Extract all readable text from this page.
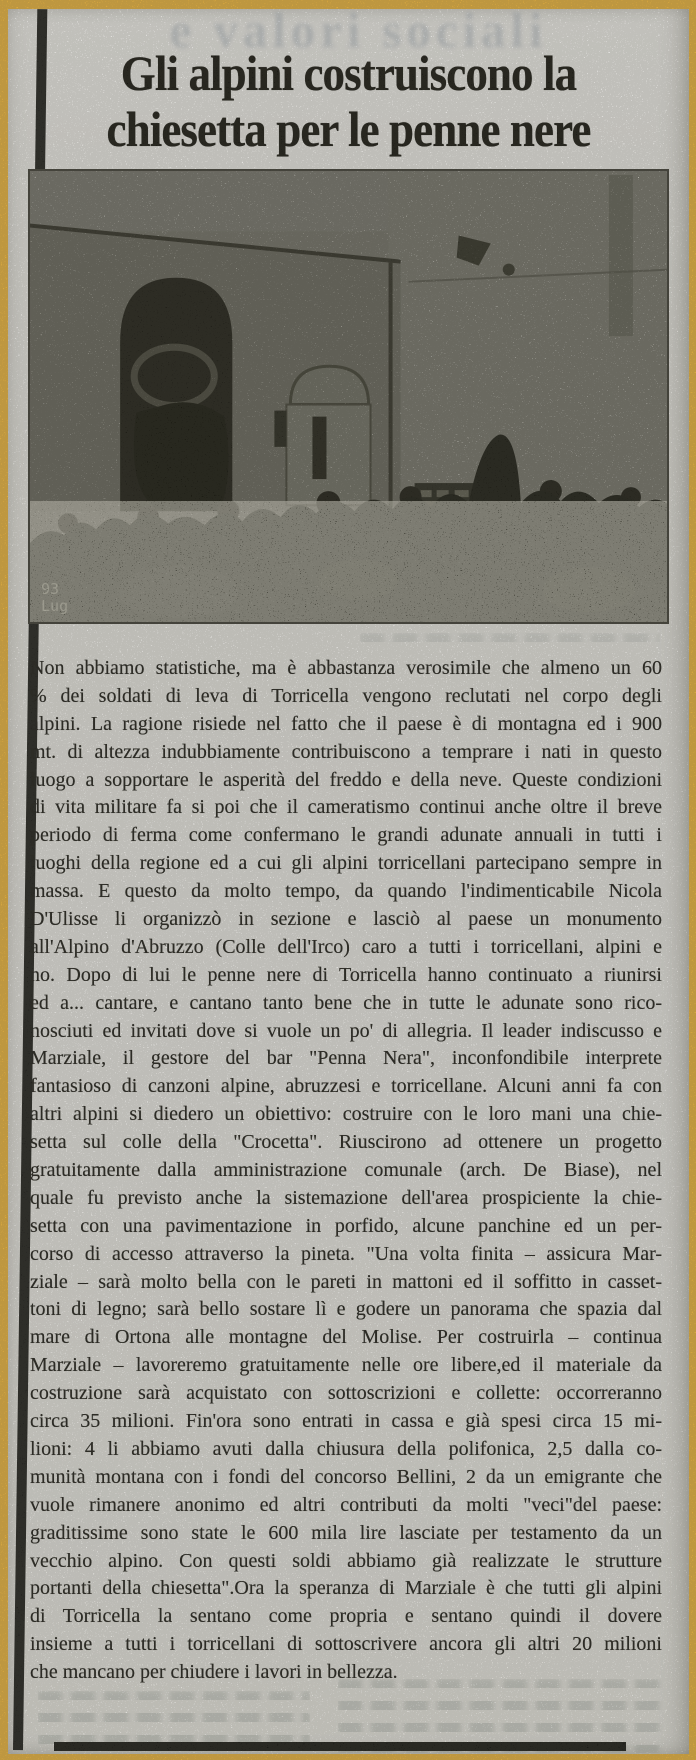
e valori sociali
Gli alpini costruiscono la
chiesetta per le penne nere
93
Lug
Non abbiamo statistiche, ma è abbastanza verosimile che almeno un 60
% dei soldati di leva di Torricella vengono reclutati nel corpo degli
alpini. La ragione risiede nel fatto che il paese è di montagna ed i 900
mt. di altezza indubbiamente contribuiscono a temprare i nati in questo
luogo a sopportare le asperità del freddo e della neve. Queste condizioni
di vita militare fa si poi che il cameratismo continui anche oltre il breve
periodo di ferma come confermano le grandi adunate annuali in tutti i
luoghi della regione ed a cui gli alpini torricellani partecipano sempre in
massa. E questo da molto tempo, da quando l'indimenticabile Nicola
D'Ulisse li organizzò in sezione e lasciò al paese un monumento
all'Alpino d'Abruzzo (Colle dell'Irco) caro a tutti i torricellani, alpini e
no. Dopo di lui le penne nere di Torricella hanno continuato a riunirsi
ed a... cantare, e cantano tanto bene che in tutte le adunate sono rico-
nosciuti ed invitati dove si vuole un po' di allegria. Il leader indiscusso e
Marziale, il gestore del bar "Penna Nera", inconfondibile interprete
fantasioso di canzoni alpine, abruzzesi e torricellane. Alcuni anni fa con
altri alpini si diedero un obiettivo: costruire con le loro mani una chie-
setta sul colle della "Crocetta". Riuscirono ad ottenere un progetto
gratuitamente dalla amministrazione comunale (arch. De Biase), nel
quale fu previsto anche la sistemazione dell'area prospiciente la chie-
setta con una pavimentazione in porfido, alcune panchine ed un per-
corso di accesso attraverso la pineta. "Una volta finita – assicura Mar-
ziale – sarà molto bella con le pareti in mattoni ed il soffitto in casset-
toni di legno; sarà bello sostare lì e godere un panorama che spazia dal
mare di Ortona alle montagne del Molise. Per costruirla – continua
Marziale – lavoreremo gratuitamente nelle ore libere,ed il materiale da
costruzione sarà acquistato con sottoscrizioni e collette: occorreranno
circa 35 milioni. Fin'ora sono entrati in cassa e già spesi circa 15 mi-
lioni: 4 li abbiamo avuti dalla chiusura della polifonica, 2,5 dalla co-
munità montana con i fondi del concorso Bellini, 2 da un emigrante che
vuole rimanere anonimo ed altri contributi da molti "veci"del paese:
graditissime sono state le 600 mila lire lasciate per testamento da un
vecchio alpino. Con questi soldi abbiamo già realizzate le strutture
portanti della chiesetta".Ora la speranza di Marziale è che tutti gli alpini
di Torricella la sentano come propria e sentano quindi il dovere
insieme a tutti i torricellani di sottoscrivere ancora gli altri 20 milioni
che mancano per chiudere i lavori in bellezza.
